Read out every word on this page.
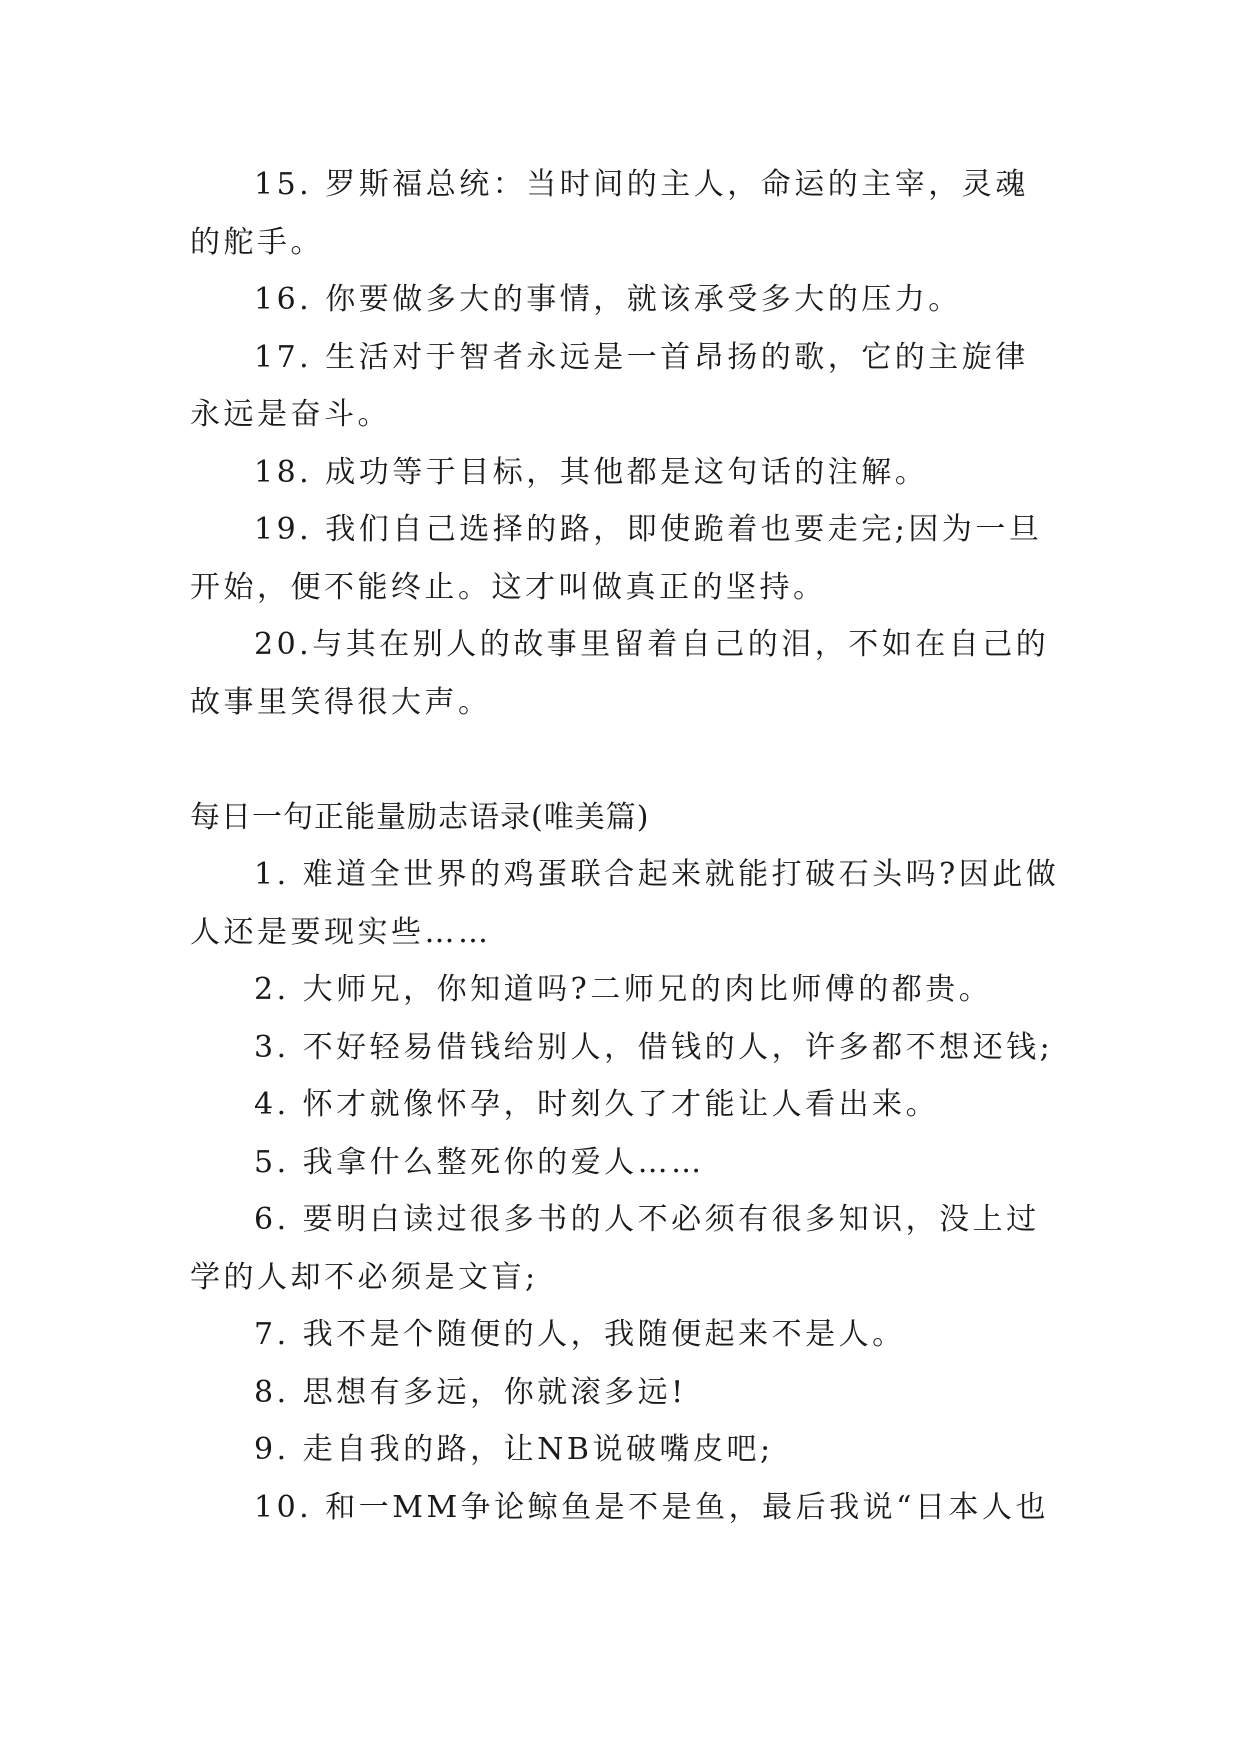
15. 罗斯福总统：当时间的主人，命运的主宰，灵魂的舵手。

16. 你要做多大的事情，就该承受多大的压力。

17. 生活对于智者永远是一首昂扬的歌，它的主旋律永远是奋斗。

18. 成功等于目标，其他都是这句话的注解。

19. 我们自己选择的路，即使跪着也要走完;因为一旦开始，便不能终止。这才叫做真正的坚持。

20.与其在别人的故事里留着自己的泪，不如在自己的故事里笑得很大声。

每日一句正能量励志语录(唯美篇)

1. 难道全世界的鸡蛋联合起来就能打破石头吗?因此做人还是要现实些……

2. 大师兄，你知道吗?二师兄的肉比师傅的都贵。

3. 不好轻易借钱给别人，借钱的人，许多都不想还钱;

4. 怀才就像怀孕，时刻久了才能让人看出来。

5. 我拿什么整死你的爱人……

6. 要明白读过很多书的人不必须有很多知识，没上过学的人却不必须是文盲;

7. 我不是个随便的人，我随便起来不是人。

8. 思想有多远，你就滚多远!

9. 走自我的路，让NB说破嘴皮吧;

10. 和一MM争论鲸鱼是不是鱼，最后我说“日本人也
